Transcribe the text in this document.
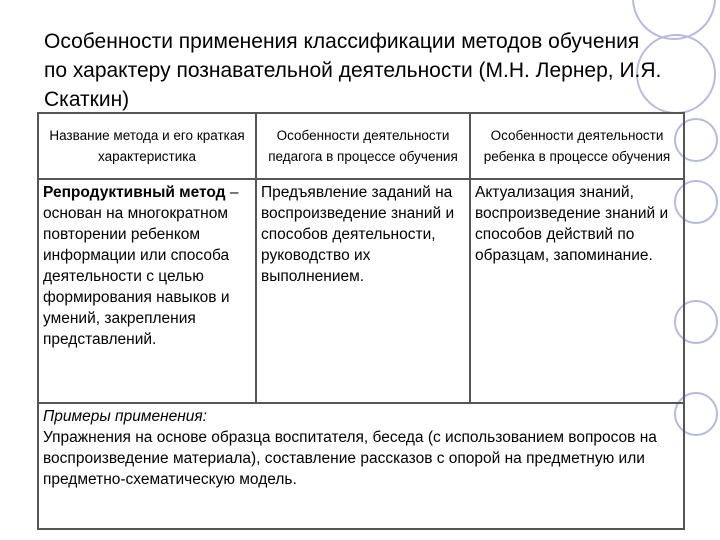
Особенности применения классификации методов обучения по характеру познавательной деятельности (М.Н. Лернер, И.Я. Скаткин)
Название метода и его краткая характеристика	Особенности деятельности педагога в процессе обучения	Особенности деятельности ребенка в процессе обучения
Репродуктивный метод – основан на многократном повторении ребенком информации или способа деятельности с целью формирования навыков и умений, закрепления представлений.	Предъявление заданий на воспроизведение знаний и способов деятельности, руководство их выполнением.	Актуализация знаний, воспроизведение знаний и способов действий по образцам, запоминание.

Примеры применения:
Упражнения на основе образца воспитателя, беседа (с использованием вопросов на воспроизведение материала), составление рассказов с опорой на предметную или предметно-схематическую модель.		
